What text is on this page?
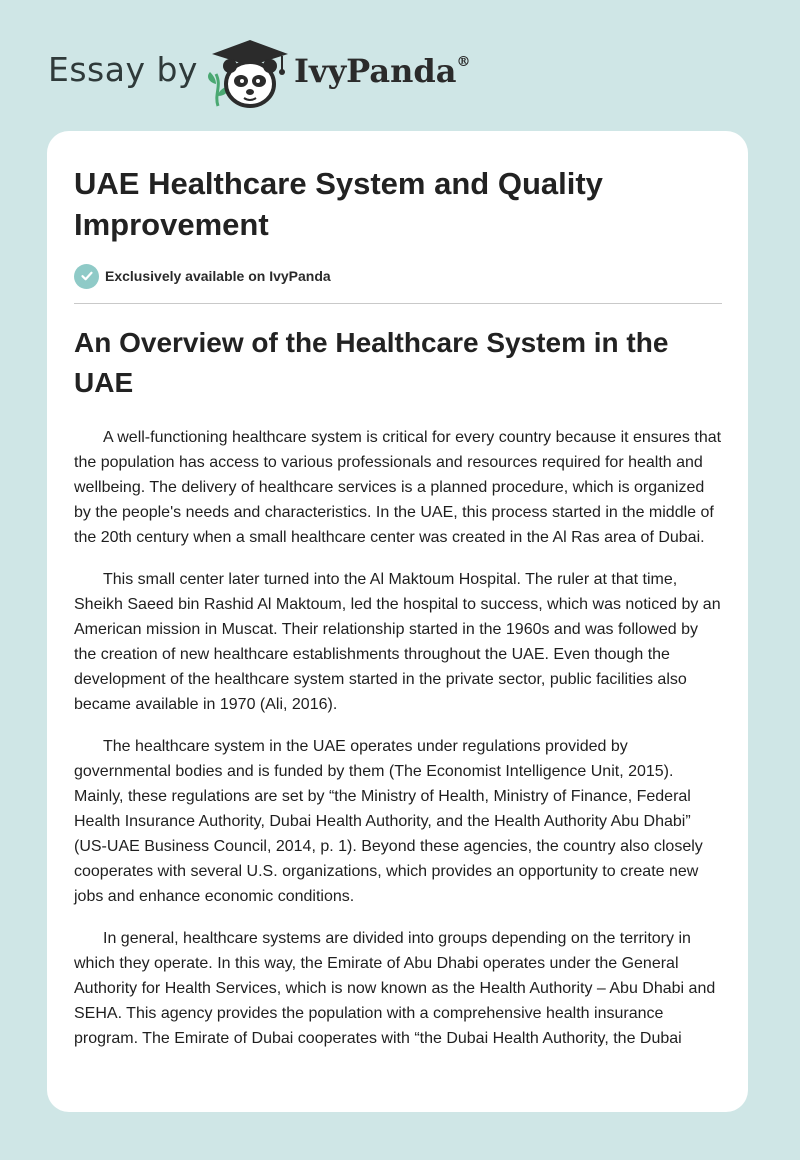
Essay by	IvyPanda®
UAE Healthcare System and Quality Improvement
Exclusively available on IvyPanda
An Overview of the Healthcare System in the UAE

A well-functioning healthcare system is critical for every country because it ensures that the population has access to various professionals and resources required for health and wellbeing. The delivery of healthcare services is a planned procedure, which is organized by the people's needs and characteristics. In the UAE, this process started in the middle of the 20th century when a small healthcare center was created in the Al Ras area of Dubai.

This small center later turned into the Al Maktoum Hospital. The ruler at that time, Sheikh Saeed bin Rashid Al Maktoum, led the hospital to success, which was noticed by an American mission in Muscat. Their relationship started in the 1960s and was followed by the creation of new healthcare establishments throughout the UAE. Even though the development of the healthcare system started in the private sector, public facilities also became available in 1970 (Ali, 2016).

The healthcare system in the UAE operates under regulations provided by governmental bodies and is funded by them (The Economist Intelligence Unit, 2015). Mainly, these regulations are set by “the Ministry of Health, Ministry of Finance, Federal Health Insurance Authority, Dubai Health Authority, and the Health Authority Abu Dhabi” (US-UAE Business Council, 2014, p. 1). Beyond these agencies, the country also closely cooperates with several U.S. organizations, which provides an opportunity to create new jobs and enhance economic conditions.

In general, healthcare systems are divided into groups depending on the territory in which they operate. In this way, the Emirate of Abu Dhabi operates under the General Authority for Health Services, which is now known as the Health Authority – Abu Dhabi and SEHA. This agency provides the population with a comprehensive health insurance program. The Emirate of Dubai cooperates with “the Dubai Health Authority, the Dubai
